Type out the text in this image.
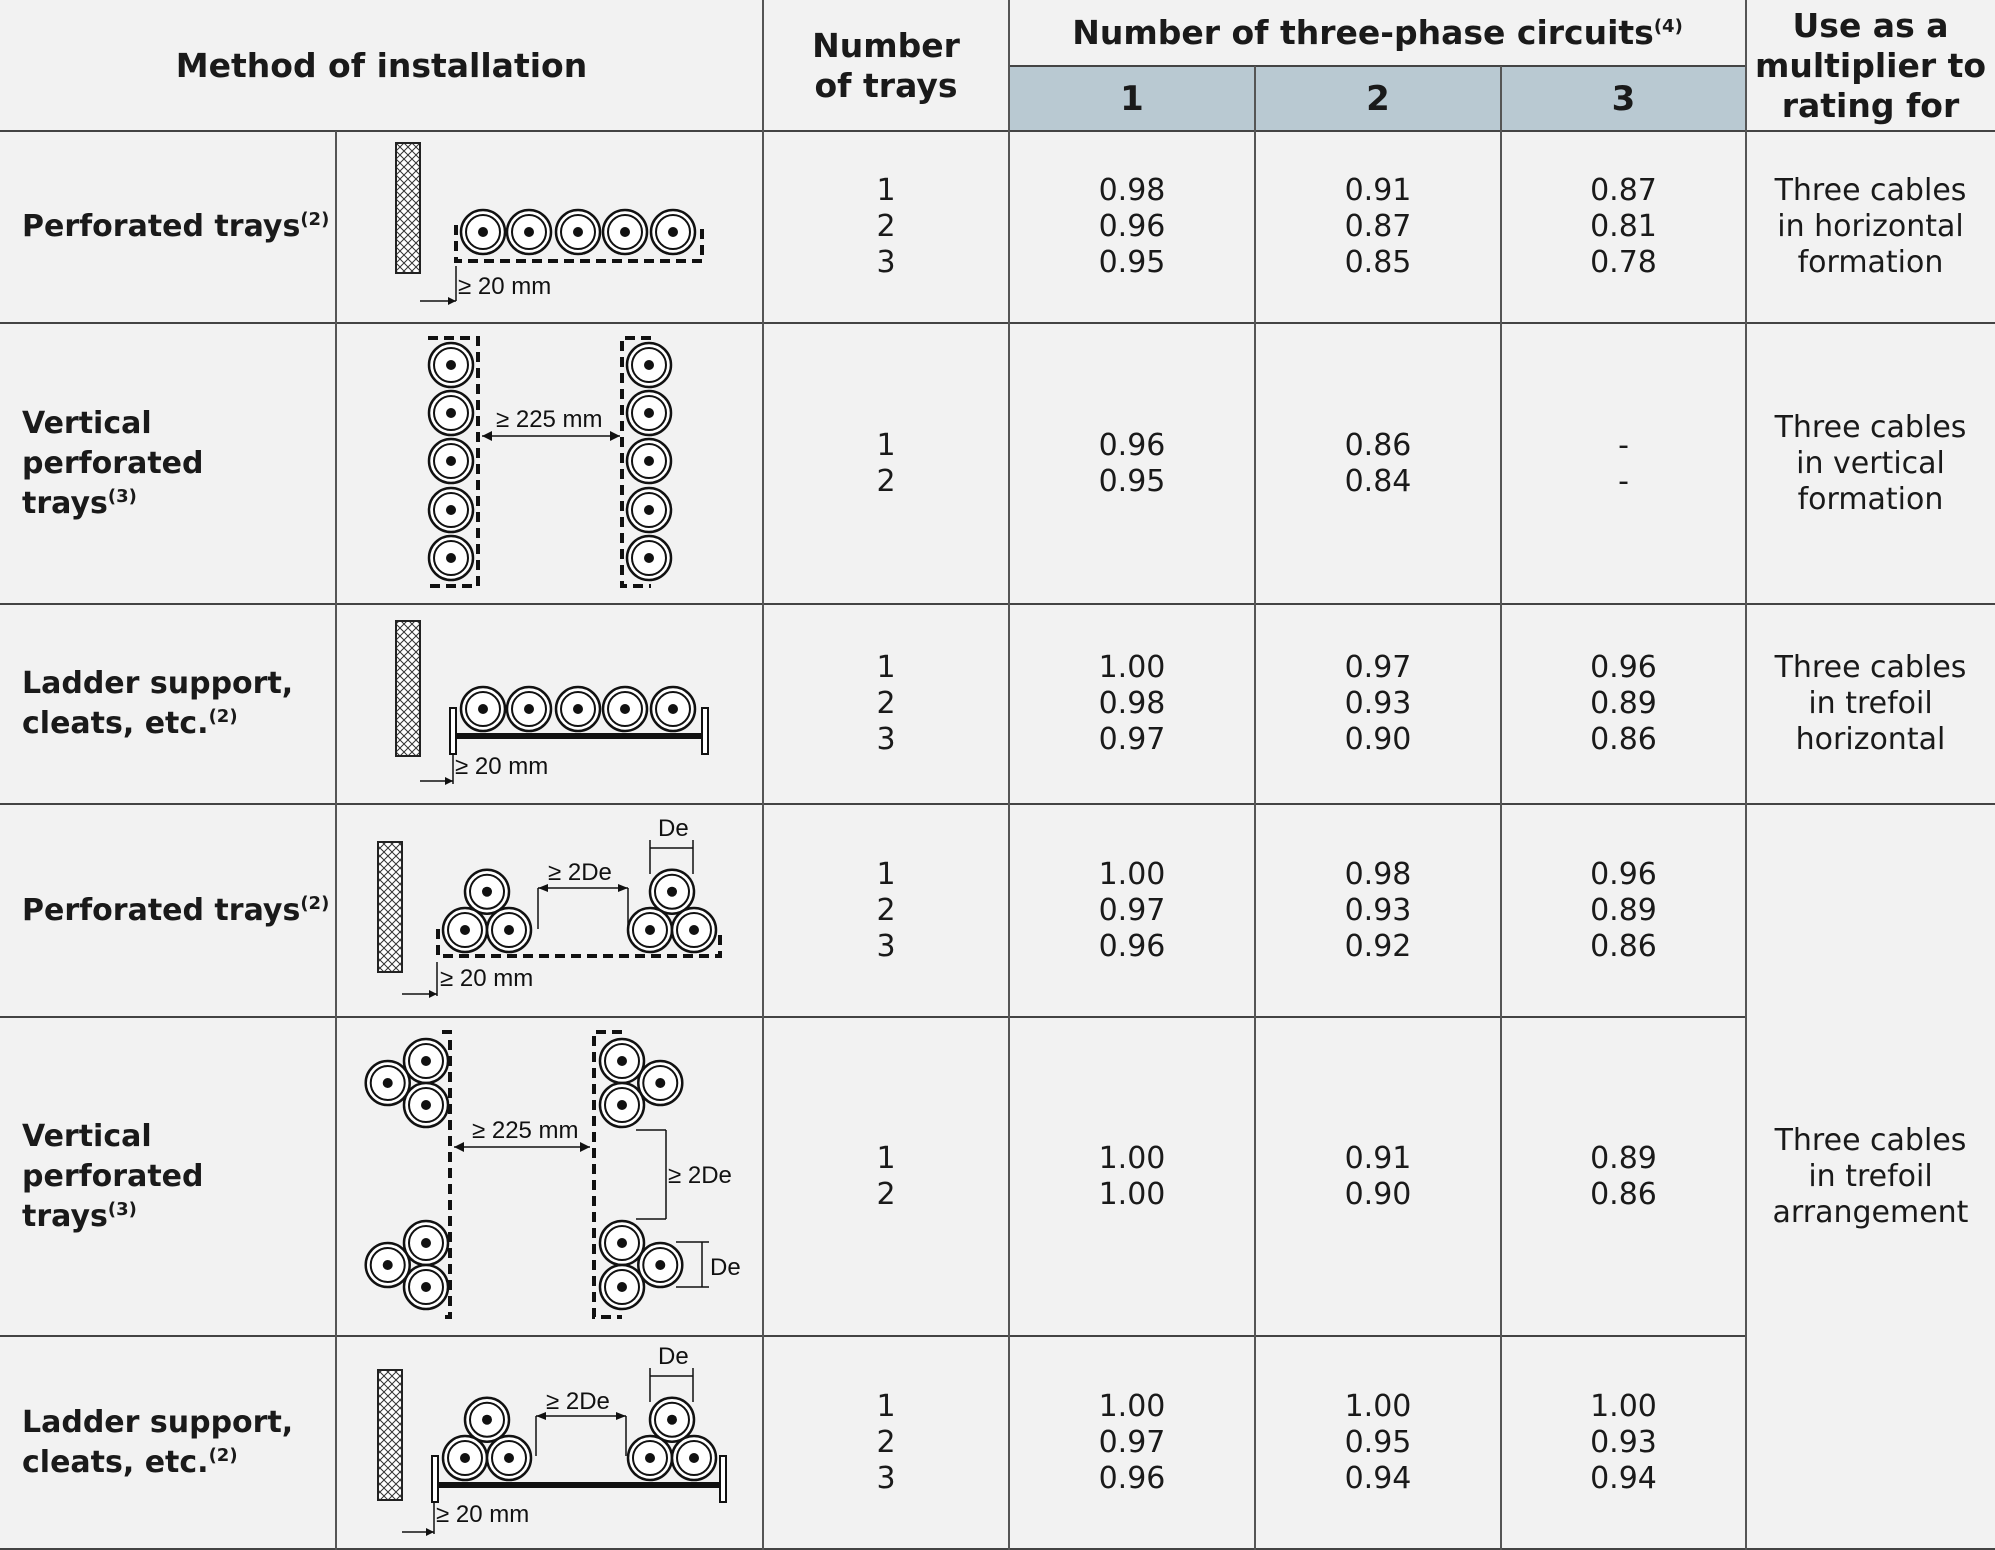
Method of installation
Number
of trays
Number of three-phase circuits$^{(4)}$
1	2	3
Use as a
multiplier to
rating for
Perforated trays$^{(2)}$
1
2
3
0.98
0.96
0.95
0.91
0.87
0.85
0.87
0.81
0.78
Three cables
in horizontal
formation
Vertical perforated
trays$^{(3)}$
1
2
0.96
0.95
0.86
0.84
-
-
Three cables
in vertical
formation
Ladder support,
cleats, etc.$^{(2)}$
1
2
3
1.00
0.98
0.97
0.97
0.93
0.90
0.96
0.89
0.86
Three cables
in trefoil
horizontal
Perforated trays$^{(2)}$
1
2
3
1.00
0.97
0.96
0.98
0.93
0.92
0.96
0.89
0.86
Vertical perforated
trays$^{(3)}$
1
2
1.00
1.00
0.91
0.90
0.89
0.86
Ladder support,
cleats, etc.$^{(2)}$
1
2
3
1.00
0.97
0.96
1.00
0.95
0.94
1.00
0.93
0.94
Three cables
in trefoil
arrangement
≥ 20 mm
≥ 225 mm
≥ 20 mm
≥ 2De
De
≥ 20 mm
≥ 225 mm
≥ 2De
De
≥ 2De
De
≥ 20 mm
